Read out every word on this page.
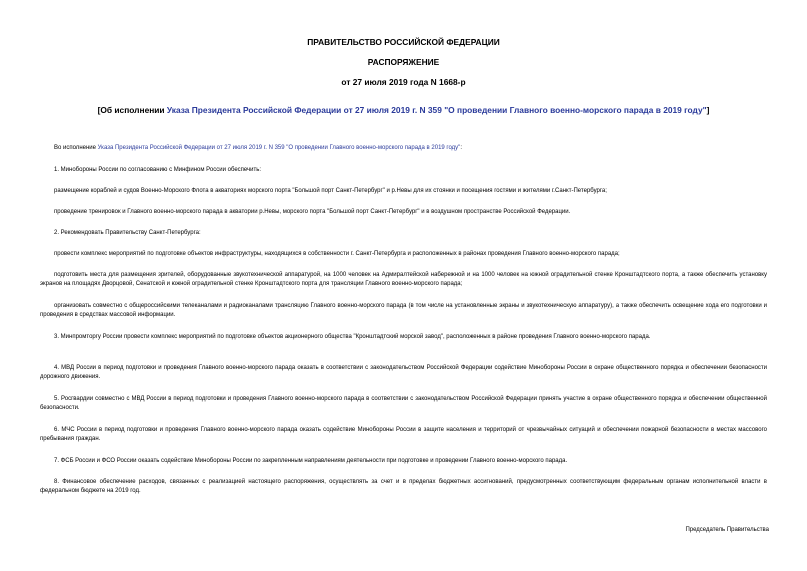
ПРАВИТЕЛЬСТВО РОССИЙСКОЙ ФЕДЕРАЦИИ

РАСПОРЯЖЕНИЕ

от 27 июля 2019 года N 1668-р

[Об исполнении Указа Президента Российской Федерации от 27 июля 2019 г. N 359 "О проведении Главного военно-морского парада в 2019 году"]

Во исполнение Указа Президента Российской Федерации от 27 июля 2019 г. N 359 "О проведении Главного военно-морского парада в 2019 году":

1. Минобороны России по согласованию с Минфином России обеспечить:

размещение кораблей и судов Военно-Морского Флота в акваториях морского порта "Большой порт Санкт-Петербург" и р.Невы для их стоянки и посещения гостями и жителями г.Санкт-Петербурга;

проведение тренировок и Главного военно-морского парада в акватории р.Невы, морского порта "Большой порт Санкт-Петербург" и в воздушном пространстве Российской Федерации.

2. Рекомендовать Правительству Санкт-Петербурга:

провести комплекс мероприятий по подготовке объектов инфраструктуры, находящихся в собственности г. Санкт-Петербурга и расположенных в районах проведения Главного военно-морского парада;

подготовить места для размещения зрителей, оборудованные звукотехнической аппаратурой, на 1000 человек на Адмиралтейской набережной и на 1000 человек на южной оградительной стенке Кронштадтского порта, а также обеспечить установку экранов на площадях Дворцовой, Сенатской и южной оградительной стенке Кронштадтского порта для трансляции Главного военно-морского парада;

организовать совместно с общероссийскими телеканалами и радиоканалами трансляцию Главного военно-морского парада (в том числе на установленные экраны и звукотехническую аппаратуру), а также обеспечить освещение хода его подготовки и проведения в средствах массовой информации.

3. Минпромторгу России провести комплекс мероприятий по подготовке объектов акционерного общества "Кронштадтский морской завод", расположенных в районе проведения Главного военно-морского парада.

4. МВД России в период подготовки и проведения Главного военно-морского парада оказать в соответствии с законодательством Российской Федерации содействие Минобороны России в охране общественного порядка и обеспечении безопасности дорожного движения.

5. Росгвардии совместно с МВД России в период подготовки и проведения Главного военно-морского парада в соответствии с законодательством Российской Федерации принять участие в охране общественного порядка и обеспечении общественной безопасности.

6. МЧС России в период подготовки и проведения Главного военно-морского парада оказать содействие Минобороны России в защите населения и территорий от чрезвычайных ситуаций и обеспечении пожарной безопасности в местах массового пребывания граждан.

7. ФСБ России и ФСО России оказать содействие Минобороны России по закрепленным направлениям деятельности при подготовке и проведении Главного военно-морского парада.

8. Финансовое обеспечение расходов, связанных с реализацией настоящего распоряжения, осуществлять за счет и в пределах бюджетных ассигнований, предусмотренных соответствующим федеральным органам исполнительной власти в федеральном бюджете на 2019 год.

Председатель Правительства
